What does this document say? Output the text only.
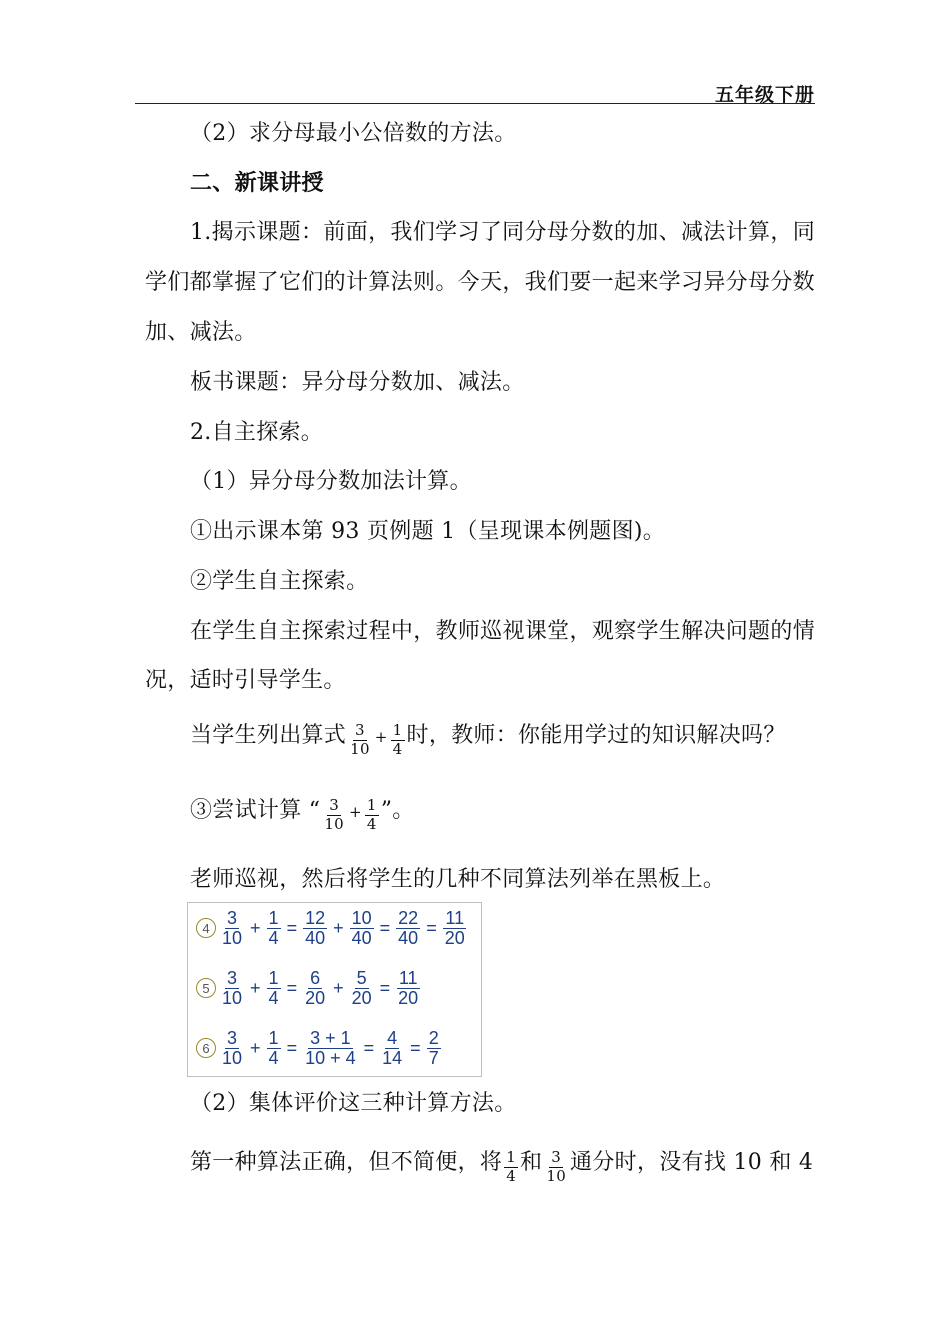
五年级下册
（2）求分母最小公倍数的方法。
二、新课讲授
1.揭示课题：前面，我们学习了同分母分数的加、减法计算，同
学们都掌握了它们的计算法则。今天，我们要一起来学习异分母分数
加、减法。
板书课题：异分母分数加、减法。
2.自主探索。
（1）异分母分数加法计算。
①出示课本第 93 页例题 1（呈现课本例题图)。
②学生自主探索。
在学生自主探索过程中，教师巡视课堂，观察学生解决问题的情
况，适时引导学生。
当学生列出算式 $\frac{3}{10} + \frac{1}{4}$ 时，教师：你能用学过的知识解决吗？
③尝试计算 “ $\frac{3}{10} + \frac{1}{4}$ ”。
老师巡视，然后将学生的几种不同算法列举在黑板上。
$4 \frac{3}{10} + \frac{1}{4} = \frac{12}{40} + \frac{10}{40} = \frac{22}{40} = \frac{11}{20}$
$5 \frac{3}{10} + \frac{1}{4} = \frac{6}{20} + \frac{5}{20} = \frac{11}{20}$
$6 \frac{3}{10} + \frac{1}{4} = \frac{3 + 1}{10 + 4} = \frac{4}{14} = \frac{2}{7}$
（2）集体评价这三种计算方法。
第一种算法正确，但不简便，将 $\frac{1}{4}$ 和 $\frac{3}{10}$ 通分时，没有找 10 和 4
